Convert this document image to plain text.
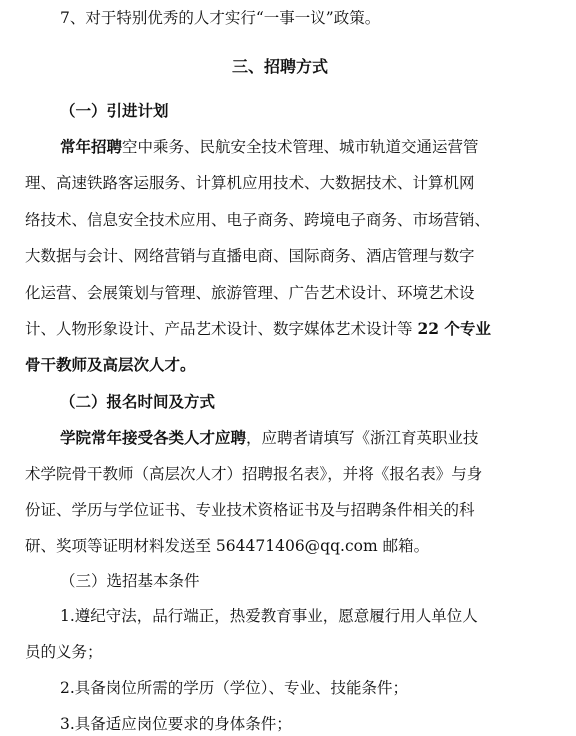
7、对于特别优秀的人才实行“一事一议”政策。
三、招聘方式
（一）引进计划
常年招聘空中乘务、民航安全技术管理、城市轨道交通运营管
理、高速铁路客运服务、计算机应用技术、大数据技术、计算机网
络技术、信息安全技术应用、电子商务、跨境电子商务、市场营销、
大数据与会计、网络营销与直播电商、国际商务、酒店管理与数字
化运营、会展策划与管理、旅游管理、广告艺术设计、环境艺术设
计、人物形象设计、产品艺术设计、数字媒体艺术设计等 22 个专业
骨干教师及高层次人才。
（二）报名时间及方式
学院常年接受各类人才应聘，应聘者请填写《浙江育英职业技
术学院骨干教师（高层次人才）招聘报名表》，并将《报名表》与身
份证、学历与学位证书、专业技术资格证书及与招聘条件相关的科
研、奖项等证明材料发送至 564471406@qq.com 邮箱。
（三）选招基本条件
1.遵纪守法，品行端正，热爱教育事业，愿意履行用人单位人
员的义务；
2.具备岗位所需的学历（学位）、专业、技能条件；
3.具备适应岗位要求的身体条件；
